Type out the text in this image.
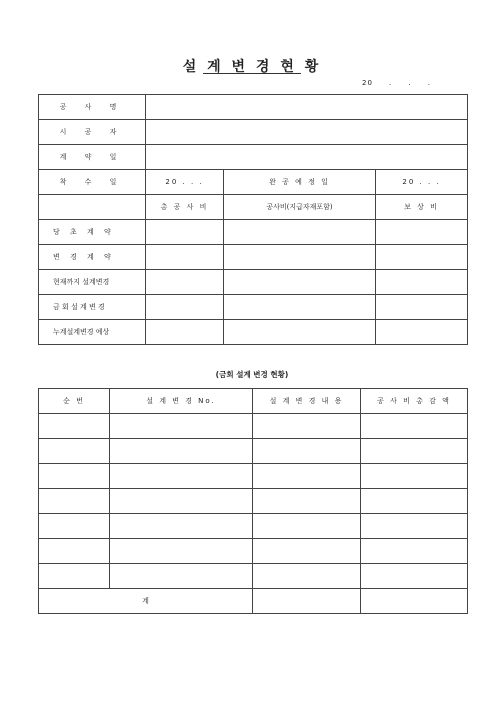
설 계 변 경 현 황
20     .     .     .
공 사 명			
시 공 자			
계 약 일			
착 수 일	20 . . .	완 공 예 정 일	20 . . .
	총 공 사 비	공사비(지급자재포함)	보 상 비
당 초 계 약			
변 경 계 약			
현재까지 설계변경			
금 회 설 계 변 경			
누계설계변경 예상			
(금회 설계 변경 현황)
순 번	설 계 변 경 No.	설 계 변 경 내 용	공 사 비 총 감 액

계			
